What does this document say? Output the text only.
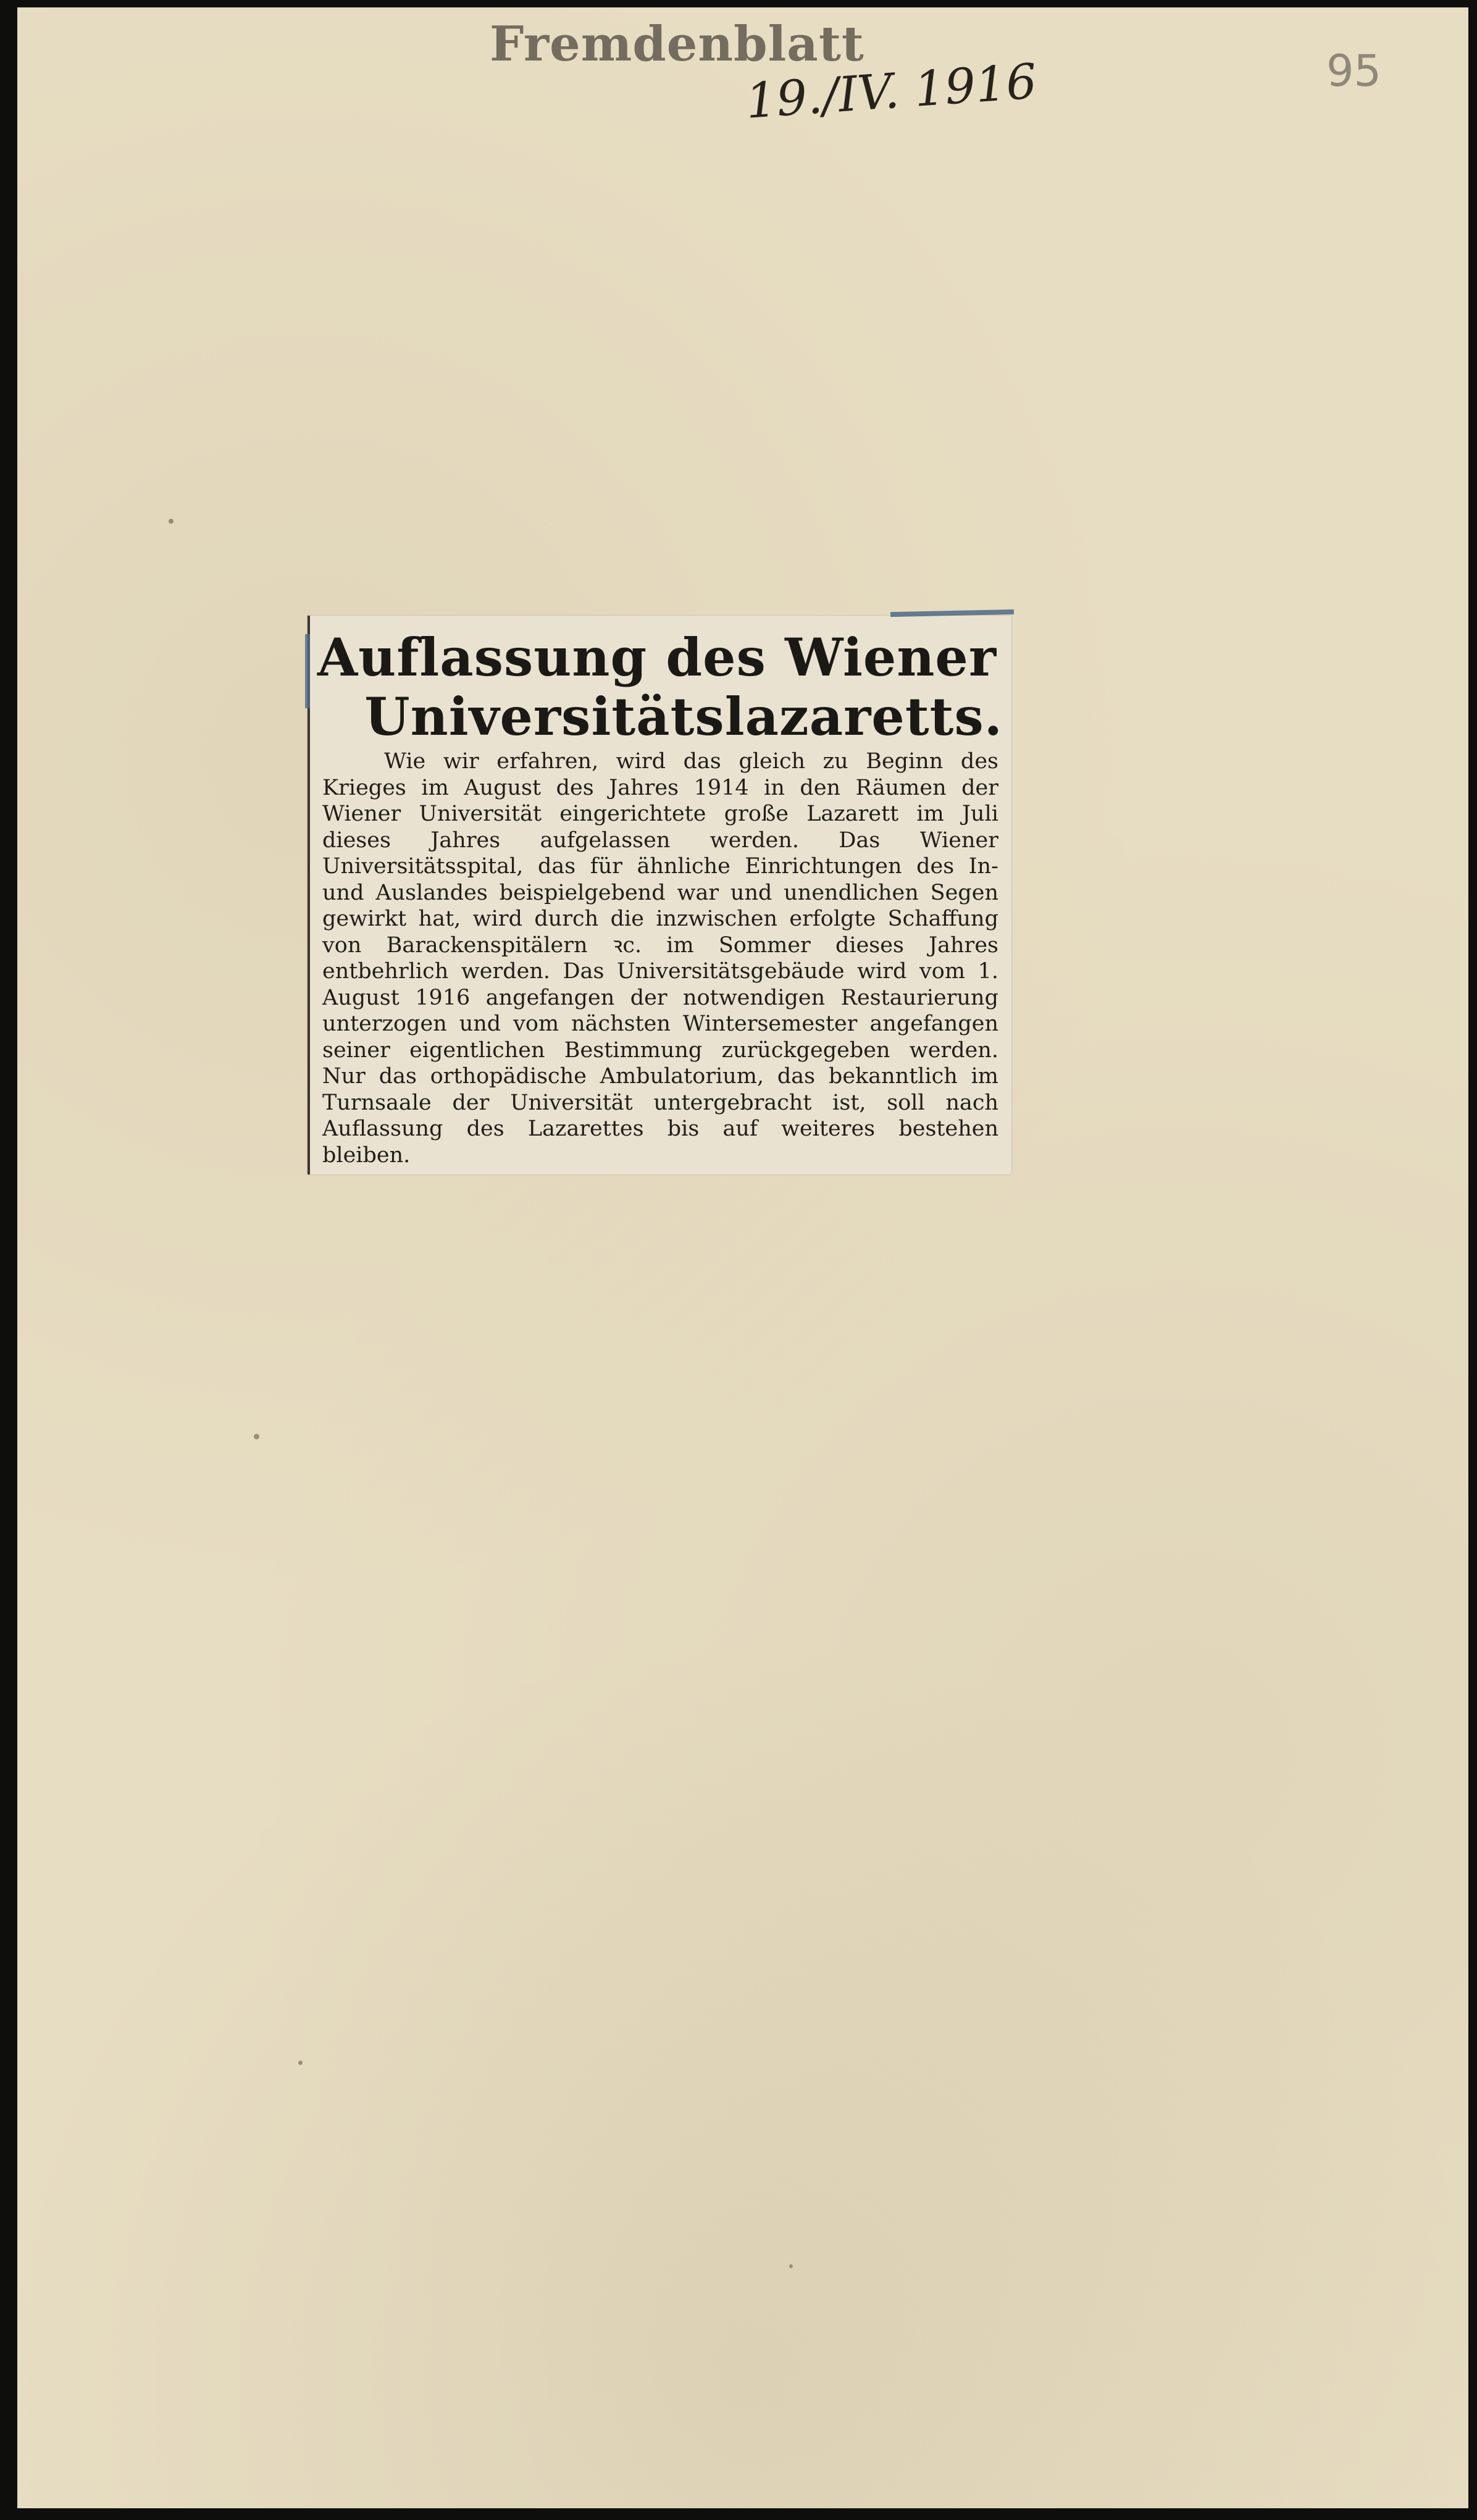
Fremdenblatt
19./IV. 1916	95
Auflassung des Wiener
Universitätslazaretts.
Wie wir erfahren, wird das gleich zu Beginn des Krieges im August des Jahres 1914 in den Räumen der Wiener Universität eingerichtete große Lazarett im Juli dieses Jahres aufgelassen werden. Das Wiener Universitätsspital, das für ähnliche Einrichtungen des In- und Auslandes beispielgebend war und unendlichen Segen gewirkt hat, wird durch die inzwischen erfolgte Schaffung von Barackenspitälern ꝛc. im Sommer dieses Jahres entbehrlich werden. Das Universitätsgebäude wird vom 1. August 1916 angefangen der notwendigen Restaurierung unterzogen und vom nächsten Wintersemester angefangen seiner eigentlichen Bestimmung zurückgegeben werden. Nur das orthopädische Ambulatorium, das bekanntlich im Turnsaale der Universität untergebracht ist, soll nach Auflassung des Lazarettes bis auf weiteres bestehen bleiben.
